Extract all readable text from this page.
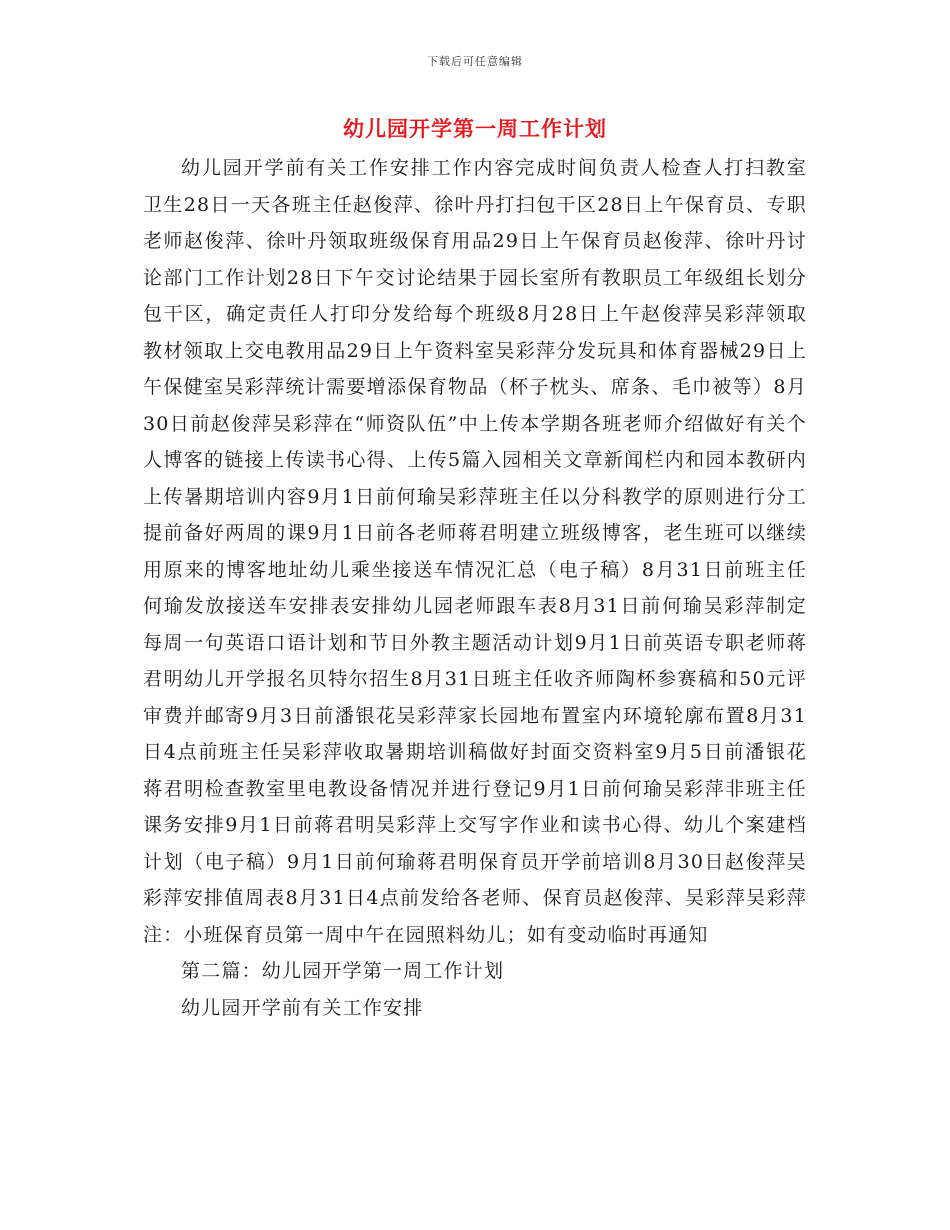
下载后可任意编辑
幼儿园开学第一周工作计划

幼儿园开学前有关工作安排工作内容完成时间负责人检查人打扫教室卫生28日一天各班主任赵俊萍、徐叶丹打扫包干区28日上午保育员、专职老师赵俊萍、徐叶丹领取班级保育用品29日上午保育员赵俊萍、徐叶丹讨论部门工作计划28日下午交讨论结果于园长室所有教职员工年级组长划分包干区，确定责任人打印分发给每个班级8月28日上午赵俊萍吴彩萍领取教材领取上交电教用品29日上午资料室吴彩萍分发玩具和体育器械29日上午保健室吴彩萍统计需要增添保育物品（杯子枕头、席条、毛巾被等）8月30日前赵俊萍吴彩萍在“师资队伍”中上传本学期各班老师介绍做好有关个人博客的链接上传读书心得、上传5篇入园相关文章新闻栏内和园本教研内上传暑期培训内容9月1日前何瑜吴彩萍班主任以分科教学的原则进行分工提前备好两周的课9月1日前各老师蒋君明建立班级博客，老生班可以继续用原来的博客地址幼儿乘坐接送车情况汇总（电子稿）8月31日前班主任何瑜发放接送车安排表安排幼儿园老师跟车表8月31日前何瑜吴彩萍制定每周一句英语口语计划和节日外教主题活动计划9月1日前英语专职老师蒋君明幼儿开学报名贝特尔招生8月31日班主任收齐师陶杯参赛稿和50元评审费并邮寄9月3日前潘银花吴彩萍家长园地布置室内环境轮廓布置8月31日4点前班主任吴彩萍收取暑期培训稿做好封面交资料室9月5日前潘银花蒋君明检查教室里电教设备情况并进行登记9月1日前何瑜吴彩萍非班主任课务安排9月1日前蒋君明吴彩萍上交写字作业和读书心得、幼儿个案建档计划（电子稿）9月1日前何瑜蒋君明保育员开学前培训8月30日赵俊萍吴彩萍安排值周表8月31日4点前发给各老师、保育员赵俊萍、吴彩萍吴彩萍注：小班保育员第一周中午在园照料幼儿；如有变动临时再通知

第二篇：幼儿园开学第一周工作计划

幼儿园开学前有关工作安排
